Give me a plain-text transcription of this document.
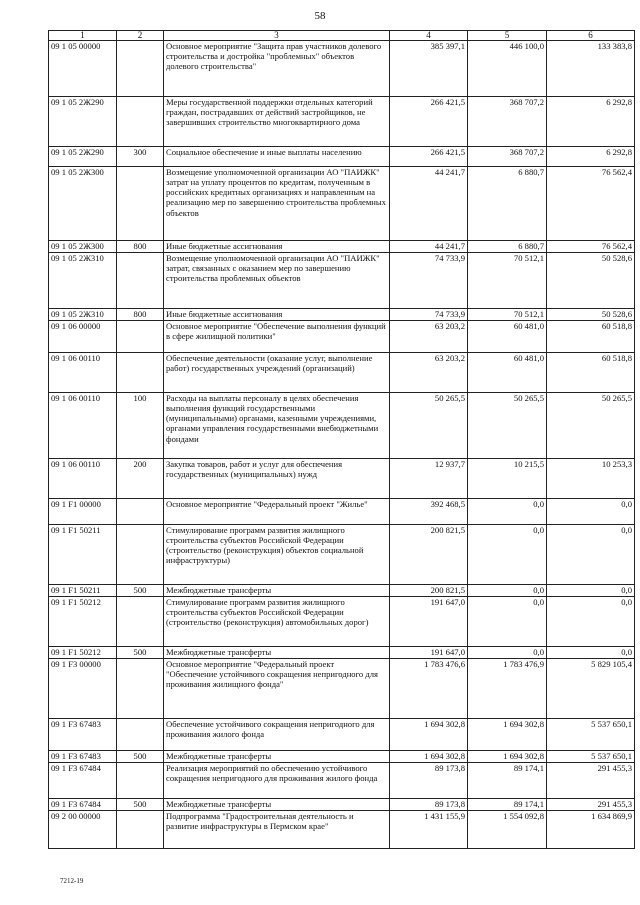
58
1	2	3	4	5	6
09 1 05 00000		Основное мероприятие "Защита прав участников долевого строительства и достройка "проблемных" объектов долевого строительства"	385 397,1	446 100,0	133 383,8
09 1 05 2Ж290		Меры государственной поддержки отдельных категорий граждан, пострадавших от действий застройщиков, не завершивших строительство многоквартирного дома	266 421,5	368 707,2	6 292,8
09 1 05 2Ж290	300	Социальное обеспечение и иные выплаты населению	266 421,5	368 707,2	6 292,8
09 1 05 2Ж300		Возмещение уполномоченной организации АО "ПАИЖК" затрат на уплату процентов по кредитам, полученным в российских кредитных организациях и направленным на реализацию мер по завершению строительства проблемных объектов	44 241,7	6 880,7	76 562,4
09 1 05 2Ж300	800	Иные бюджетные ассигнования	44 241,7	6 880,7	76 562,4
09 1 05 2Ж310		Возмещение уполномоченной организации АО "ПАИЖК" затрат, связанных с оказанием мер по завершению строительства проблемных объектов	74 733,9	70 512,1	50 528,6
09 1 05 2Ж310	800	Иные бюджетные ассигнования	74 733,9	70 512,1	50 528,6
09 1 06 00000		Основное мероприятие "Обеспечение выполнения функций в сфере жилищной политики"	63 203,2	60 481,0	60 518,8
09 1 06 00110		Обеспечение деятельности (оказание услуг, выполнение работ) государственных учреждений (организаций)	63 203,2	60 481,0	60 518,8
09 1 06 00110	100	Расходы на выплаты персоналу в целях обеспечения выполнения функций государственными (муниципальными) органами, казенными учреждениями, органами управления государственными внебюджетными фондами	50 265,5	50 265,5	50 265,5
09 1 06 00110	200	Закупка товаров, работ и услуг для обеспечения государственных (муниципальных) нужд	12 937,7	10 215,5	10 253,3
09 1 F1 00000		Основное мероприятие "Федеральный проект "Жилье"	392 468,5	0,0	0,0
09 1 F1 50211		Стимулирование программ развития жилищного строительства субъектов Российской Федерации (строительство (реконструкция) объектов социальной инфраструктуры)	200 821,5	0,0	0,0
09 1 F1 50211	500	Межбюджетные трансферты	200 821,5	0,0	0,0
09 1 F1 50212		Стимулирование программ развития жилищного строительства субъектов Российской Федерации (строительство (реконструкция) автомобильных дорог)	191 647,0	0,0	0,0
09 1 F1 50212	500	Межбюджетные трансферты	191 647,0	0,0	0,0
09 1 F3 00000		Основное мероприятие "Федеральный проект "Обеспечение устойчивого сокращения непригодного для проживания жилищного фонда"	1 783 476,6	1 783 476,9	5 829 105,4
09 1 F3 67483		Обеспечение устойчивого сокращения непригодного для проживания жилого фонда	1 694 302,8	1 694 302,8	5 537 650,1
09 1 F3 67483	500	Межбюджетные трансферты	1 694 302,8	1 694 302,8	5 537 650,1
09 1 F3 67484		Реализация мероприятий по обеспечению устойчивого сокращения непригодного для проживания жилого фонда	89 173,8	89 174,1	291 455,3
09 1 F3 67484	500	Межбюджетные трансферты	89 173,8	89 174,1	291 455,3
09 2 00 00000		Подпрограмма "Градостроительная деятельность и развитие инфраструктуры в Пермском крае"	1 431 155,9	1 554 092,8	1 634 869,9
7212-19
